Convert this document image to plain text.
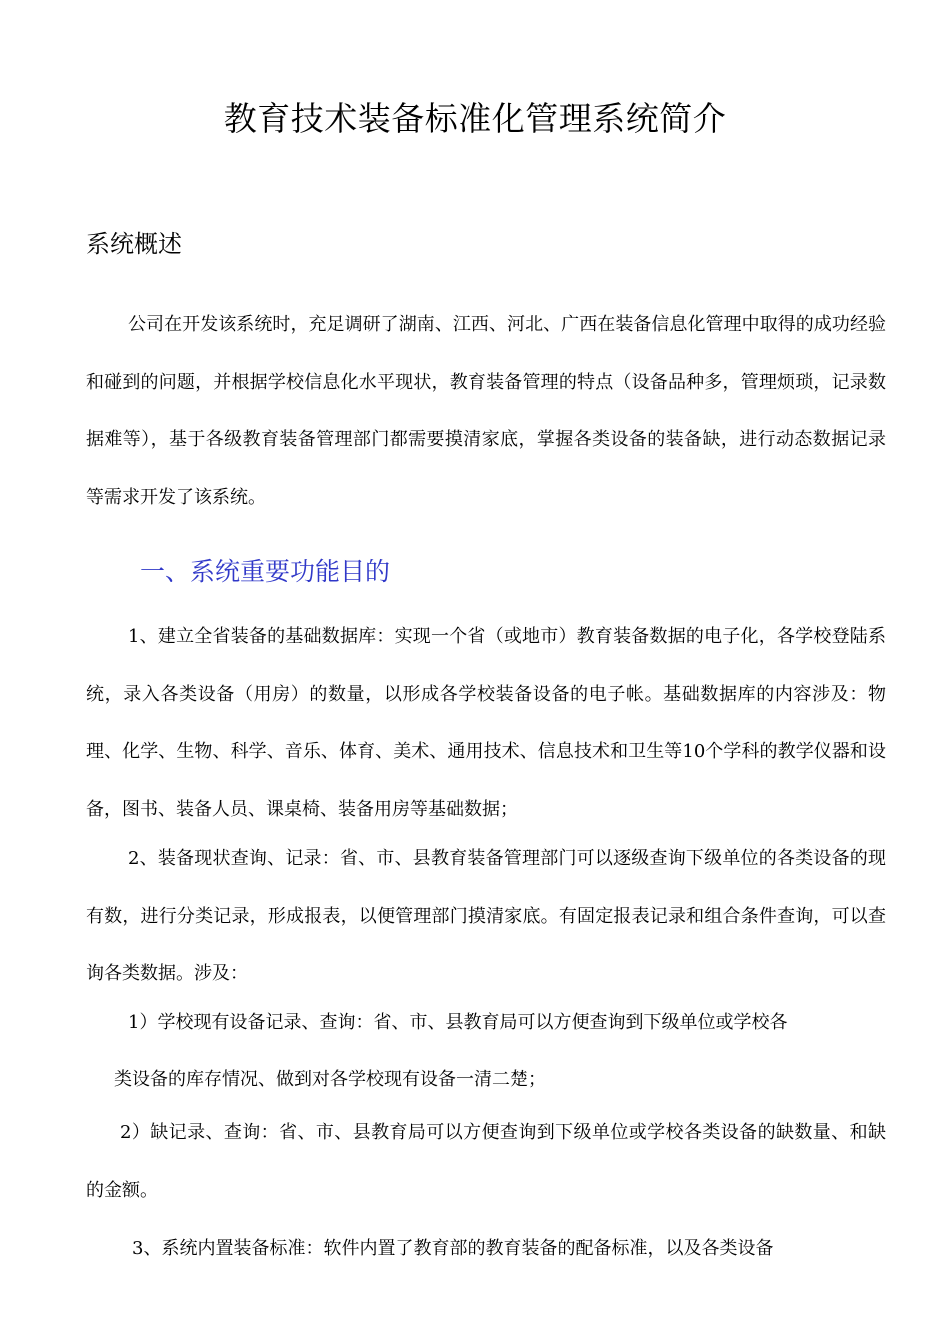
教育技术装备标准化管理系统简介
系统概述

公司在开发该系统时，充足调研了湖南、江西、河北、广西在装备信息化管理中取得的成功经验和碰到的问题，并根据学校信息化水平现状，教育装备管理的特点（设备品种多，管理烦琐，记录数据难等），基于各级教育装备管理部门都需要摸清家底，掌握各类设备的装备缺，进行动态数据记录等需求开发了该系统。

一、系统重要功能目的

1、建立全省装备的基础数据库：实现一个省（或地市）教育装备数据的电子化，各学校登陆系统，录入各类设备（用房）的数量，以形成各学校装备设备的电子帐。基础数据库的内容涉及：物理、化学、生物、科学、音乐、体育、美术、通用技术、信息技术和卫生等10个学科的教学仪器和设备，图书、装备人员、课桌椅、装备用房等基础数据；

2、装备现状查询、记录：省、市、县教育装备管理部门可以逐级查询下级单位的各类设备的现有数，进行分类记录，形成报表，以便管理部门摸清家底。有固定报表记录和组合条件查询，可以查询各类数据。涉及：

1）学校现有设备记录、查询：省、市、县教育局可以方便查询到下级单位或学校各

类设备的库存情况、做到对各学校现有设备一清二楚；

2）缺记录、查询：省、市、县教育局可以方便查询到下级单位或学校各类设备的缺数量、和缺的金额。

3、系统内置装备标准：软件内置了教育部的教育装备的配备标准，以及各类设备
